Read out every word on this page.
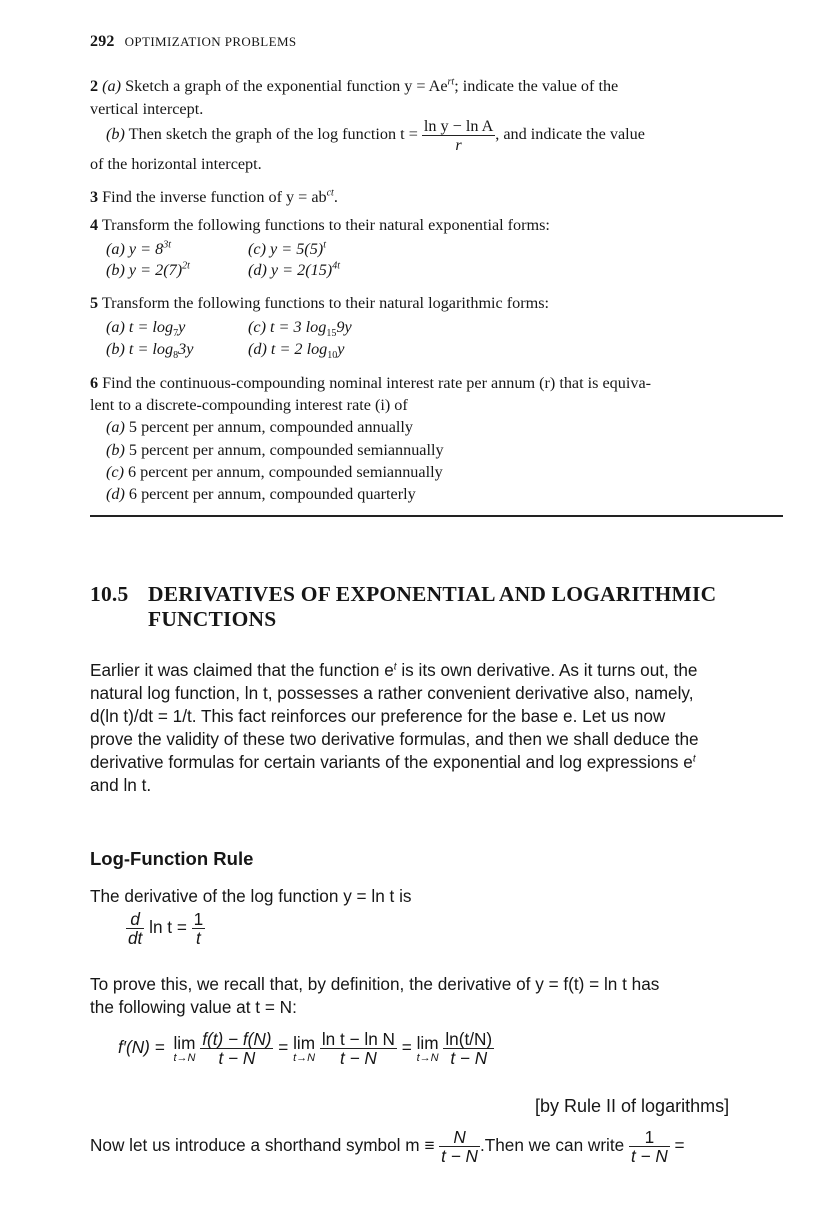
292 OPTIMIZATION PROBLEMS
2 (a) Sketch a graph of the exponential function $y = Ae^{rt}$; indicate the value of the
vertical intercept.
(b) Then sketch the graph of the log function $t = \frac{\text{ln y − ln A}}{r}$ , and indicate the value
of the horizontal intercept.
3 Find the inverse function of $y = ab^{ct}$.
4 Transform the following functions to their natural exponential forms:
(a) $y = 8^{3t}$	(c) $y = 5(5)^t$
(b) $y = 2(7)^{2t}$	(d) $y = 2(15)^{4t}$
5 Transform the following functions to their natural logarithmic forms:
(a) $t = \log_7y$	(c) t = 3 $\log_{15}9y$
(b) $t = \log_83y$	(d) t = 2 $\log_{10}y$
6 Find the continuous-compounding nominal interest rate per annum (r) that is equiva-
lent to a discrete-compounding interest rate (i) of
(a) 5 percent per annum, compounded annually
(b) 5 percent per annum, compounded semiannually
(c) 6 percent per annum, compounded semiannually
(d) 6 percent per annum, compounded quarterly
10.5 DERIVATIVES OF EXPONENTIAL AND LOGARITHMIC
FUNCTIONS
Earlier it was claimed that the function $e^t$ is its own derivative. As it turns out, the
natural log function, ln t, possesses a rather convenient derivative also, namely,
d(ln t)/dt = 1/t. This fact reinforces our preference for the base e. Let us now
prove the validity of these two derivative formulas, and then we shall deduce the
derivative formulas for certain variants of the exponential and log expressions $e^t$
and ln t.
Log-Function Rule
The derivative of the log function y = ln t is
$\frac{d}{dt}$ $\ln t = \frac{1}{t}$
To prove this, we recall that, by definition, the derivative of y = f(t) = ln t has
the following value at t = N:
f′(N) = lim
t→N
$\frac{f(t) - f(N)}{t - N} = \lim$
t→N
$\frac{\text{ln t − ln N}}{t - N} = \lim$
t→N
$\frac{\ln(t/N)}{t - N}$
[by Rule II of logarithms]
Now let us introduce a shorthand symbol $m \equiv \frac{N}{t - N}$ .Then we can write $\frac{1}{t - N}$ =
